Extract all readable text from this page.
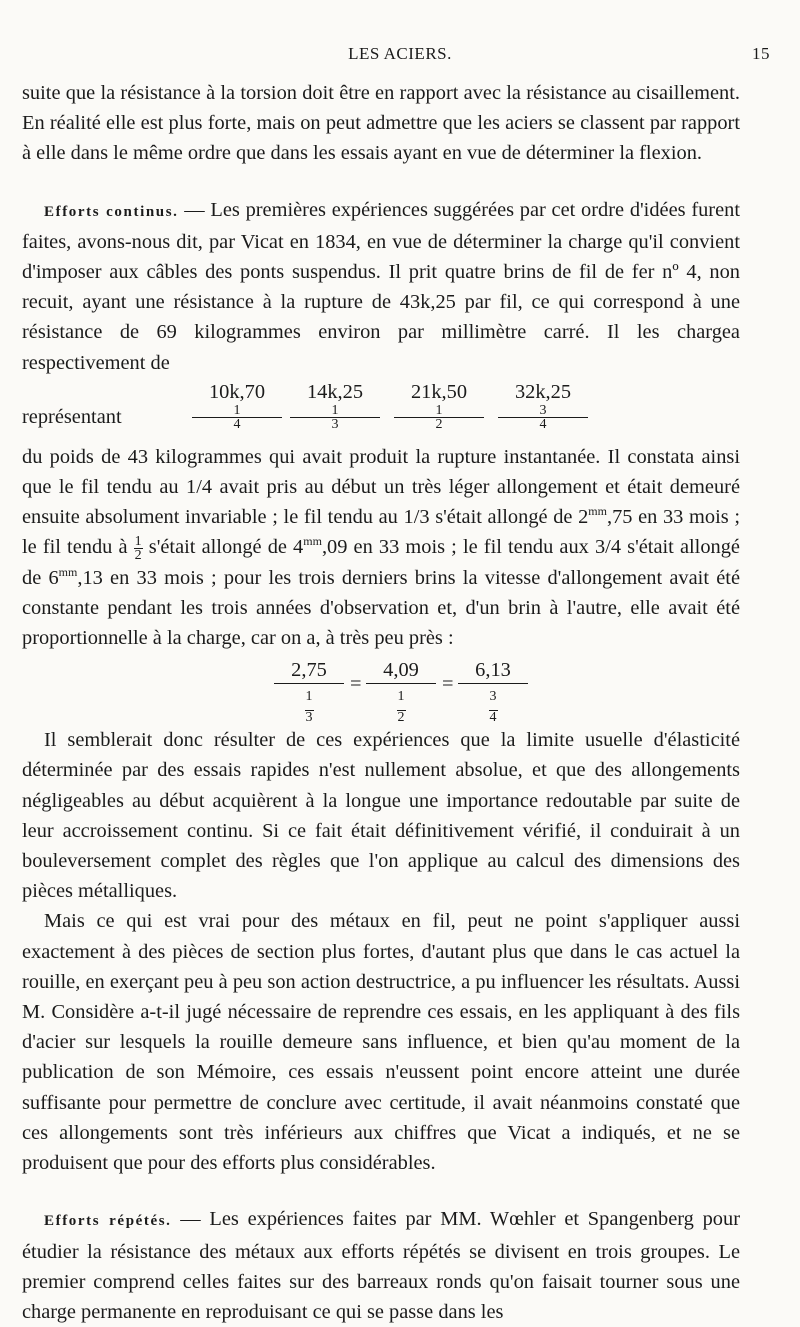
LES ACIERS.	15

suite que la résistance à la torsion doit être en rapport avec la résistance au cisaillement. En réalité elle est plus forte, mais on peut admettre que les aciers se classent par rapport à elle dans le même ordre que dans les essais ayant en vue de déterminer la flexion.

Efforts continus. — Les premières expériences suggérées par cet ordre d'idées furent faites, avons-nous dit, par Vicat en 1834, en vue de déterminer la charge qu'il convient d'imposer aux câbles des ponts suspendus. Il prit quatre brins de fil de fer nº 4, non recuit, ayant une résistance à la rupture de 43k,25 par fil, ce qui correspond à une résistance de 69 kilogrammes environ par millimètre carré. Il les chargea respectivement de

représentant
10k,70
1
4
14k,25
1
3
21k,50
1
2
32k,25
3
4

du poids de 43 kilogrammes qui avait produit la rupture instantanée. Il constata ainsi que le fil tendu au 1/4 avait pris au début un très léger allongement et était demeuré ensuite absolument invariable ; le fil tendu au 1/3 s'était allongé de $2^{mm},75$ en 33 mois ; le fil tendu à $\frac{1}{2}$ s'était allongé de $4^{mm},09$ en 33 mois ; le fil tendu aux 3/4 s'était allongé de $6^{mm},13$ en 33 mois ; pour les trois derniers brins la vitesse d'allongement avait été constante pendant les trois années d'observation et, d'un brin à l'autre, elle avait été proportionnelle à la charge, car on a, à très peu près :

$\frac{2,75}{\frac{1}{3}} = \frac{4,09}{\frac{1}{2}} = \frac{6,13}{\frac{3}{4}}$

Il semblerait donc résulter de ces expériences que la limite usuelle d'élasticité déterminée par des essais rapides n'est nullement absolue, et que des allongements négligeables au début acquièrent à la longue une importance redoutable par suite de leur accroissement continu. Si ce fait était définitivement vérifié, il conduirait à un bouleversement complet des règles que l'on applique au calcul des dimensions des pièces métalliques.

Mais ce qui est vrai pour des métaux en fil, peut ne point s'appliquer aussi exactement à des pièces de section plus fortes, d'autant plus que dans le cas actuel la rouille, en exerçant peu à peu son action destructrice, a pu influencer les résultats. Aussi M. Considère a-t-il jugé nécessaire de reprendre ces essais, en les appliquant à des fils d'acier sur lesquels la rouille demeure sans influence, et bien qu'au moment de la publication de son Mémoire, ces essais n'eussent point encore atteint une durée suffisante pour permettre de conclure avec certitude, il avait néanmoins constaté que ces allongements sont très inférieurs aux chiffres que Vicat a indiqués, et ne se produisent que pour des efforts plus considérables.

Efforts répétés. — Les expériences faites par MM. Wœhler et Spangenberg pour étudier la résistance des métaux aux efforts répétés se divisent en trois groupes. Le premier comprend celles faites sur des barreaux ronds qu'on faisait tourner sous une charge permanente en reproduisant ce qui se passe dans les
